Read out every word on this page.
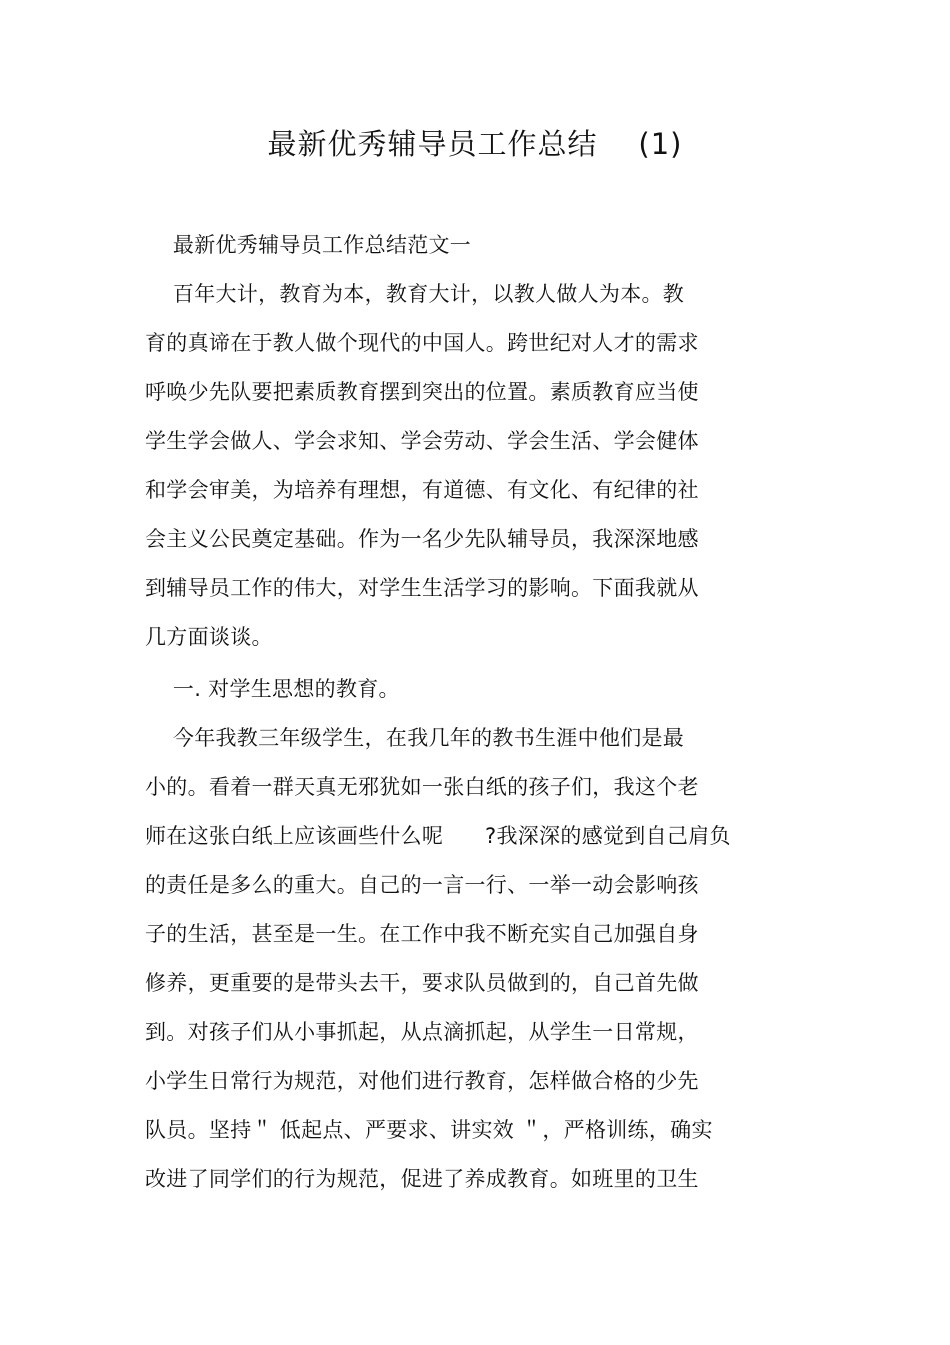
最新优秀辅导员工作总结    (1)
最新优秀辅导员工作总结范文一
百年大计，教育为本，教育大计，以教人做人为本。教
育的真谛在于教人做个现代的中国人。跨世纪对人才的需求
呼唤少先队要把素质教育摆到突出的位置。素质教育应当使
学生学会做人、学会求知、学会劳动、学会生活、学会健体
和学会审美，为培养有理想，有道德、有文化、有纪律的社
会主义公民奠定基础。作为一名少先队辅导员，我深深地感
到辅导员工作的伟大，对学生生活学习的影响。下面我就从
几方面谈谈。
一. 对学生思想的教育。
今年我教三年级学生，在我几年的教书生涯中他们是最
小的。看着一群天真无邪犹如一张白纸的孩子们，我这个老
师在这张白纸上应该画些什么呢      ?我深深的感觉到自己肩负
的责任是多么的重大。自己的一言一行、一举一动会影响孩
子的生活，甚至是一生。在工作中我不断充实自己加强自身
修养，更重要的是带头去干，要求队员做到的，自己首先做
到。对孩子们从小事抓起，从点滴抓起，从学生一日常规，
小学生日常行为规范，对他们进行教育，怎样做合格的少先
队员。坚持＂ 低起点、严要求、讲实效 ＂，严格训练，确实
改进了同学们的行为规范，促进了养成教育。如班里的卫生
